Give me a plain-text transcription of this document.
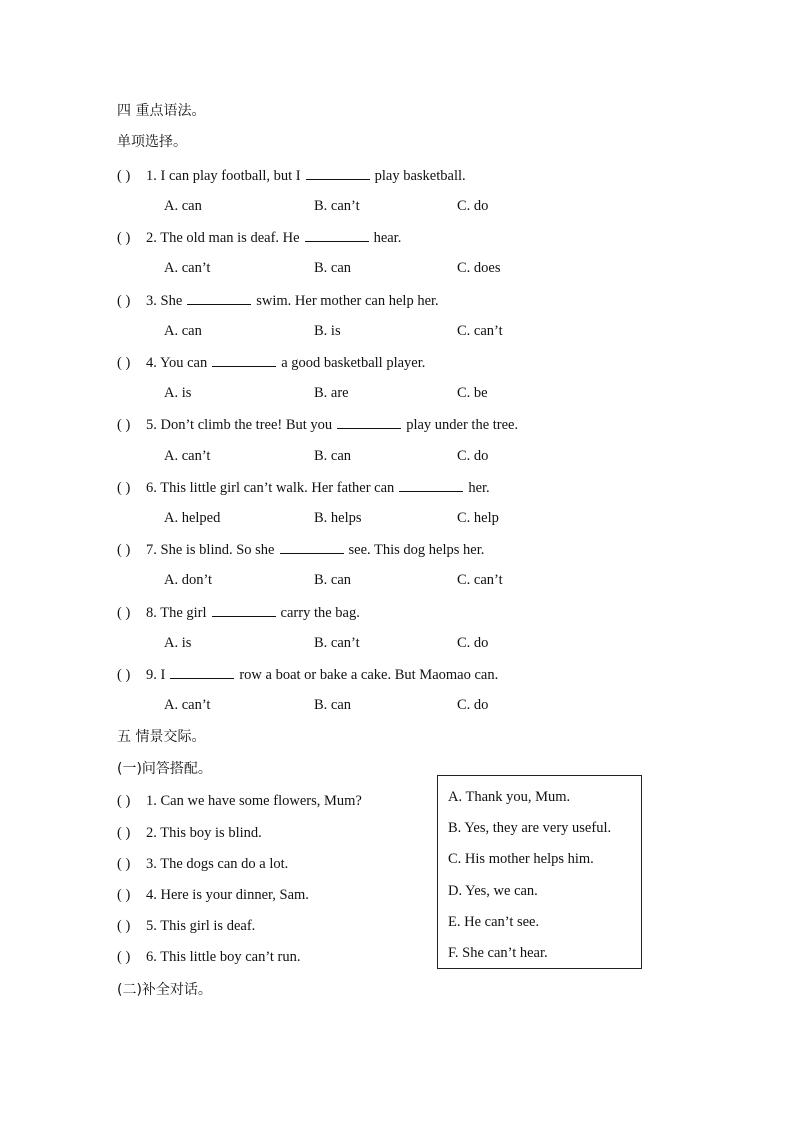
四 重点语法。
单项选择。
( ) 1. I can play football, but I	play basketball.
A. can	B. can’t	C. do
( ) 2. The old man is deaf. He	hear.
A. can’t	B. can	C. does
( ) 3. She	swim. Her mother can help her.
A. can	B. is	C. can’t
( ) 4. You can	a good basketball player.
A. is	B. are	C. be
( ) 5. Don’t climb the tree! But you	play under the tree.
A. can’t	B. can	C. do
( ) 6. This little girl can’t walk. Her father can	her.
A. helped	B. helps	C. help
( ) 7. She is blind. So she	see. This dog helps her.
A. don’t	B. can	C. can’t
( ) 8. The girl	carry the bag.
A. is	B. can’t	C. do
( ) 9. I	row a boat or bake a cake. But Maomao can.
A. can’t	B. can	C. do
五 情景交际。
(一)问答搭配。
( ) 1. Can we have some flowers, Mum?
( ) 2. This boy is blind.
( ) 3. The dogs can do a lot.
( ) 4. Here is your dinner, Sam.
( ) 5. This girl is deaf.
( ) 6. This little boy can’t run.
A. Thank you, Mum.
B. Yes, they are very useful.
C. His mother helps him.
D. Yes, we can.
E. He can’t see.
F. She can’t hear.
(二)补全对话。
